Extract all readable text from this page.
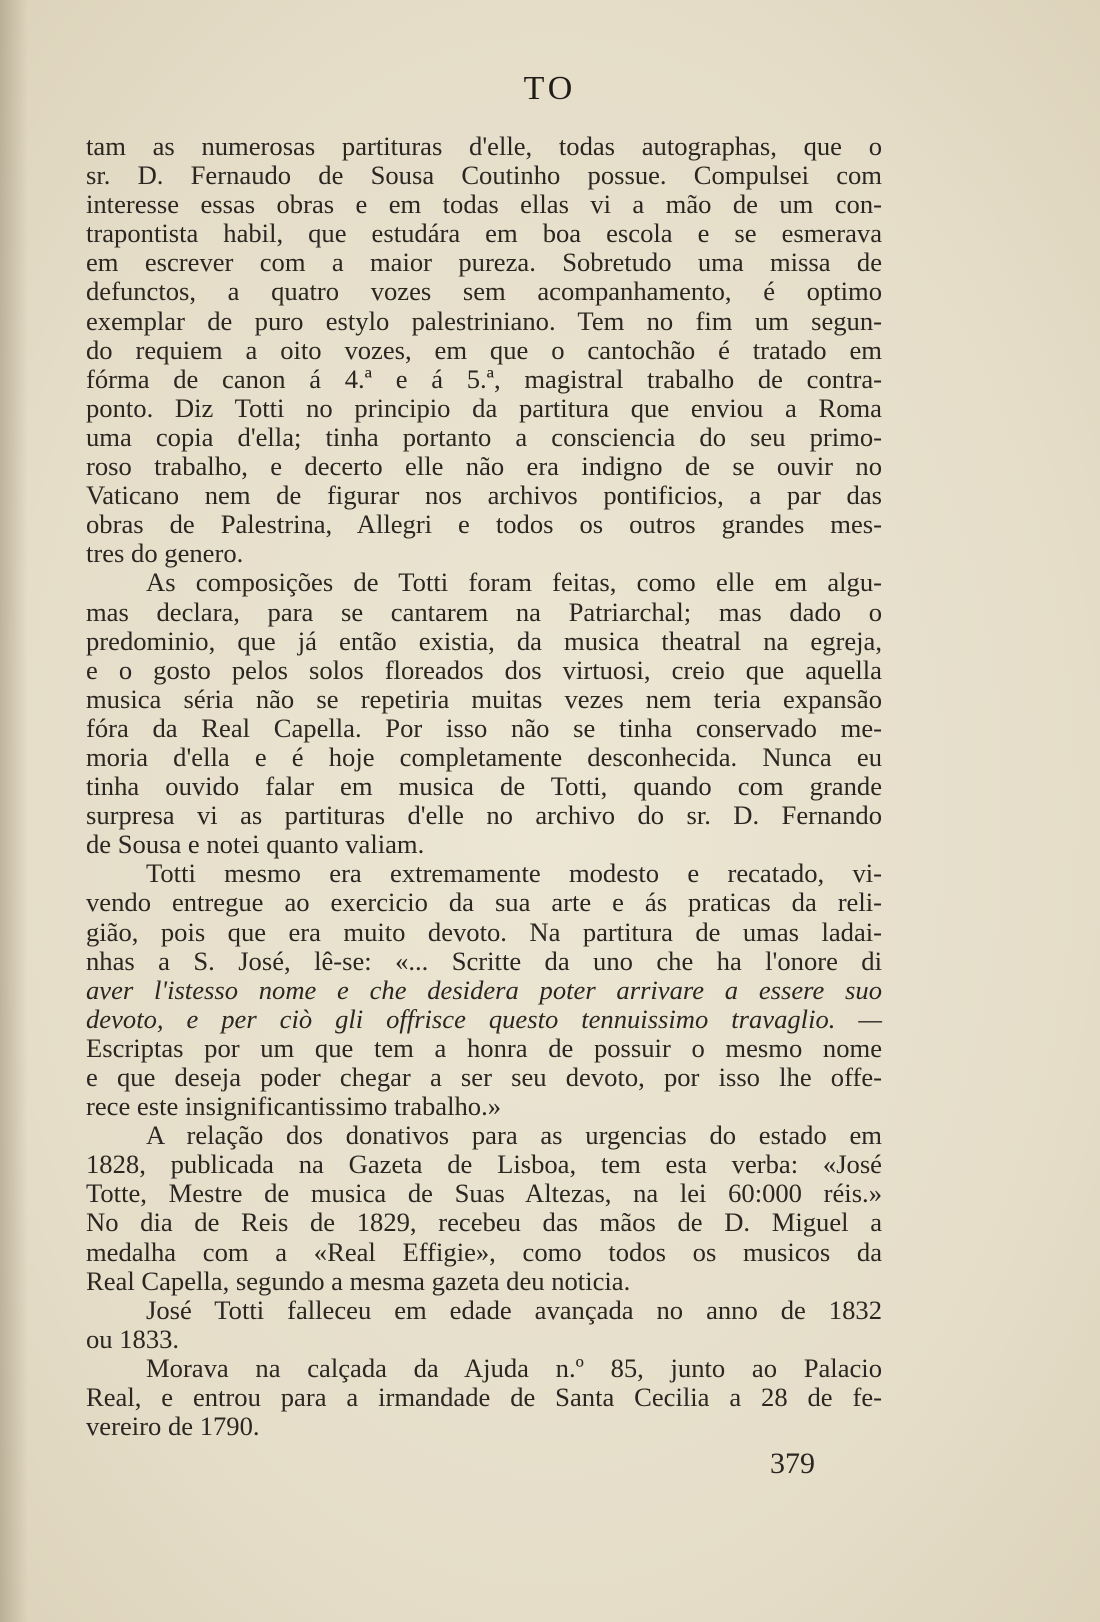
TO
tam as numerosas partituras d'elle, todas autographas, que o
sr. D. Fernaudo de Sousa Coutinho possue. Compulsei com
interesse essas obras e em todas ellas vi a mão de um con-
trapontista habil, que estudára em boa escola e se esmerava
em escrever com a maior pureza. Sobretudo uma missa de
defunctos, a quatro vozes sem acompanhamento, é optimo
exemplar de puro estylo palestriniano. Tem no fim um segun-
do requiem a oito vozes, em que o cantochão é tratado em
fórma de canon á 4.ª e á 5.ª, magistral trabalho de contra-
ponto. Diz Totti no principio da partitura que enviou a Roma
uma copia d'ella; tinha portanto a consciencia do seu primo-
roso trabalho, e decerto elle não era indigno de se ouvir no
Vaticano nem de figurar nos archivos pontificios, a par das
obras de Palestrina, Allegri e todos os outros grandes mes-
tres do genero.
As composições de Totti foram feitas, como elle em algu-
mas declara, para se cantarem na Patriarchal; mas dado o
predominio, que já então existia, da musica theatral na egreja,
e o gosto pelos solos floreados dos virtuosi, creio que aquella
musica séria não se repetiria muitas vezes nem teria expansão
fóra da Real Capella. Por isso não se tinha conservado me-
moria d'ella e é hoje completamente desconhecida. Nunca eu
tinha ouvido falar em musica de Totti, quando com grande
surpresa vi as partituras d'elle no archivo do sr. D. Fernando
de Sousa e notei quanto valiam.
Totti mesmo era extremamente modesto e recatado, vi-
vendo entregue ao exercicio da sua arte e ás praticas da reli-
gião, pois que era muito devoto. Na partitura de umas ladai-
nhas a S. José, lê-se: «... Scritte da uno che ha l'onore di
aver l'istesso nome e che desidera poter arrivare a essere suo
devoto, e per ciò gli offrisce questo tennuissimo travaglio. —
Escriptas por um que tem a honra de possuir o mesmo nome
e que deseja poder chegar a ser seu devoto, por isso lhe offe-
rece este insignificantissimo trabalho.»
A relação dos donativos para as urgencias do estado em
1828, publicada na Gazeta de Lisboa, tem esta verba: «José
Totte, Mestre de musica de Suas Altezas, na lei 60:000 réis.»
No dia de Reis de 1829, recebeu das mãos de D. Miguel a
medalha com a «Real Effigie», como todos os musicos da
Real Capella, segundo a mesma gazeta deu noticia.
José Totti falleceu em edade avançada no anno de 1832
ou 1833.
Morava na calçada da Ajuda n.º 85, junto ao Palacio
Real, e entrou para a irmandade de Santa Cecilia a 28 de fe-
vereiro de 1790.
379
